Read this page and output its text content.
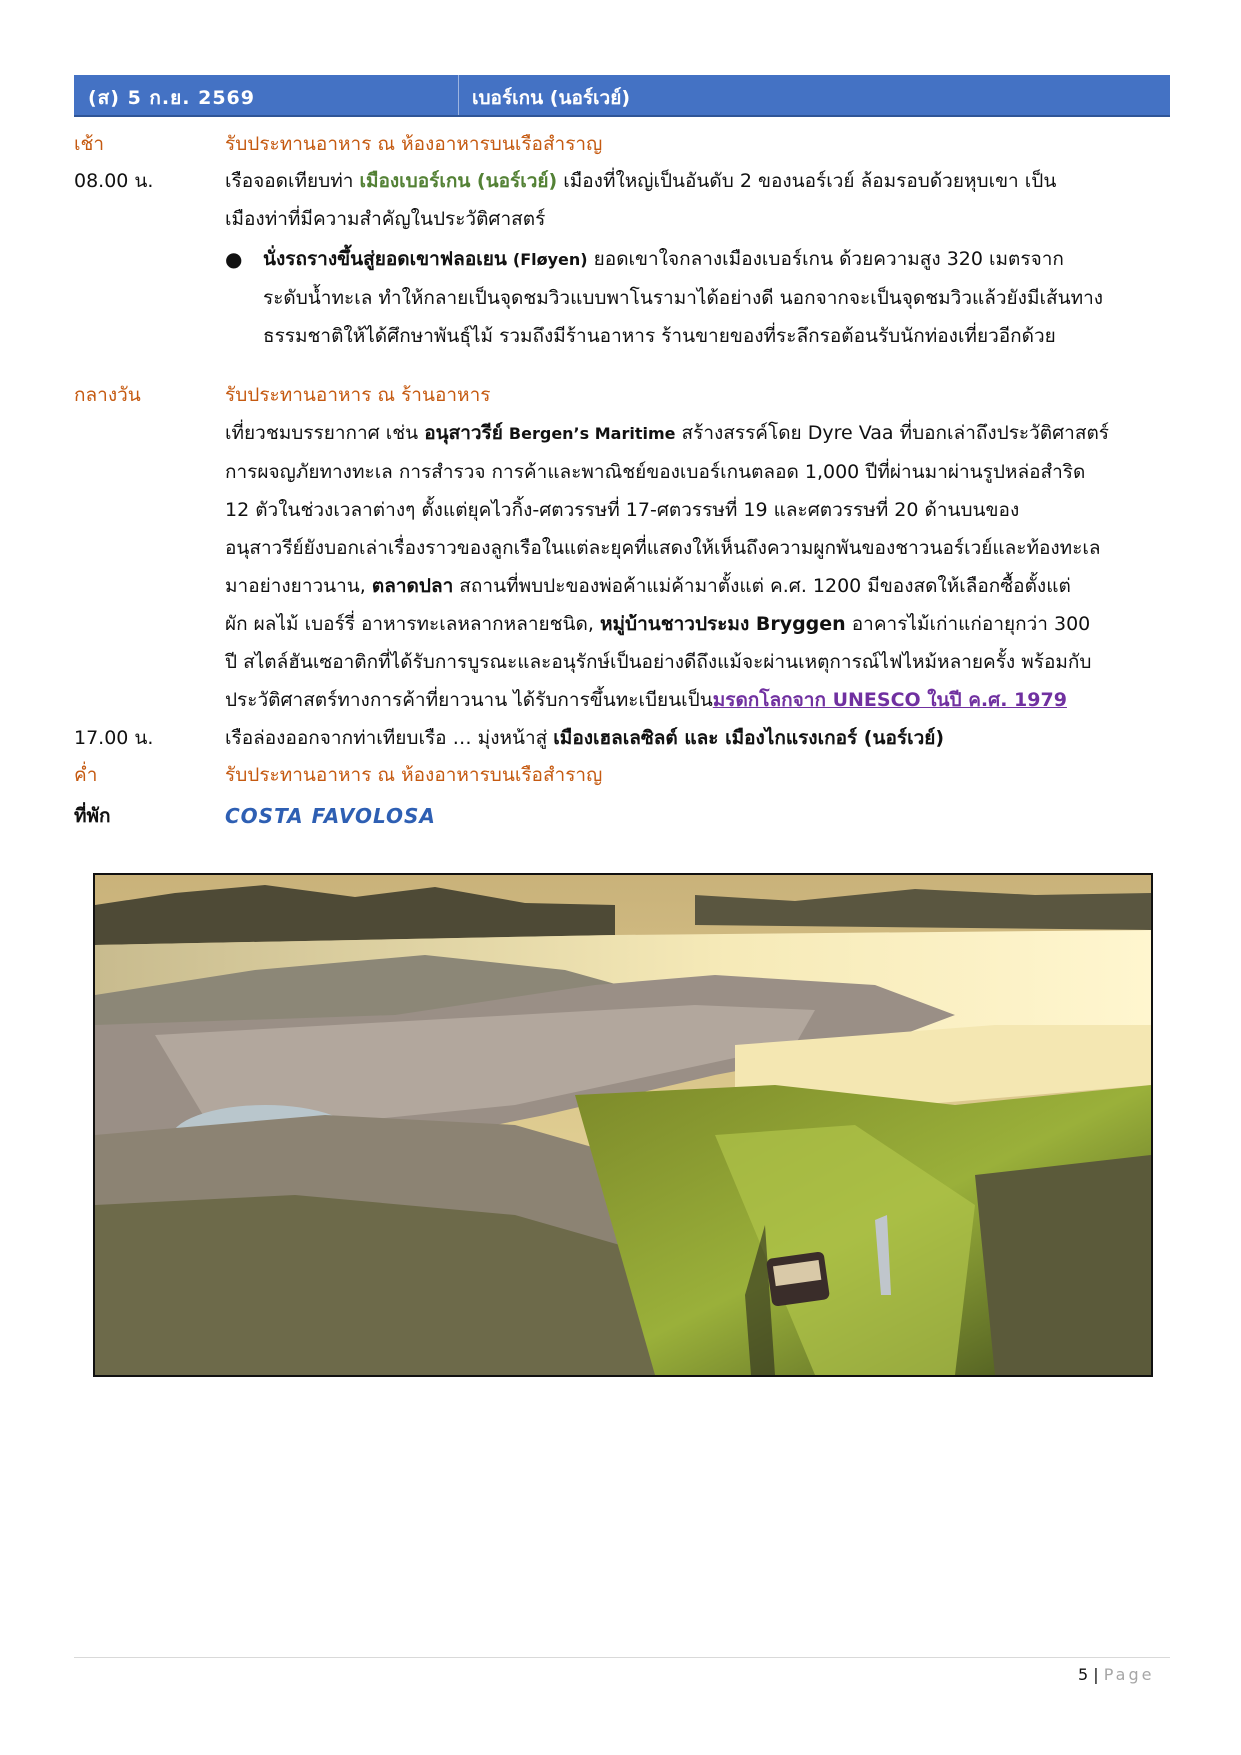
(ส) 5 ก.ย. 2569	เบอร์เกน (นอร์เวย์)
เช้า	รับประทานอาหาร ณ ห้องอาหารบนเรือสำราญ
08.00 น.	เรือจอดเทียบท่า เมืองเบอร์เกน (นอร์เวย์) เมืองที่ใหญ่เป็นอันดับ 2 ของนอร์เวย์ ล้อมรอบด้วยหุบเขา เป็น

เมืองท่าที่มีความสำคัญในประวัติศาสตร์

● นั่งรถรางขึ้นสู่ยอดเขาฟลอเยน (Fløyen) ยอดเขาใจกลางเมืองเบอร์เกน ด้วยความสูง 320 เมตรจาก

ระดับน้ำทะเล ทำให้กลายเป็นจุดชมวิวแบบพาโนรามาได้อย่างดี นอกจากจะเป็นจุดชมวิวแล้วยังมีเส้นทาง

ธรรมชาติให้ได้ศึกษาพันธุ์ไม้ รวมถึงมีร้านอาหาร ร้านขายของที่ระลึกรอต้อนรับนักท่องเที่ยวอีกด้วย

กลางวัน	รับประทานอาหาร ณ ร้านอาหาร

เที่ยวชมบรรยากาศ เช่น อนุสาวรีย์ Bergen’s Maritime สร้างสรรค์โดย Dyre Vaa ที่บอกเล่าถึงประวัติศาสตร์

การผจญภัยทางทะเล การสำรวจ การค้าและพาณิชย์ของเบอร์เกนตลอด 1,000 ปีที่ผ่านมาผ่านรูปหล่อสำริด

12 ตัวในช่วงเวลาต่างๆ ตั้งแต่ยุคไวกิ้ง-ศตวรรษที่ 17-ศตวรรษที่ 19 และศตวรรษที่ 20 ด้านบนของ

อนุสาวรีย์ยังบอกเล่าเรื่องราวของลูกเรือในแต่ละยุคที่แสดงให้เห็นถึงความผูกพันของชาวนอร์เวย์และท้องทะเล

มาอย่างยาวนาน, ตลาดปลา สถานที่พบปะของพ่อค้าแม่ค้ามาตั้งแต่ ค.ศ. 1200 มีของสดให้เลือกซื้อตั้งแต่

ผัก ผลไม้ เบอร์รี่ อาหารทะเลหลากหลายชนิด, หมู่บ้านชาวประมง Bryggen อาคารไม้เก่าแก่อายุกว่า 300

ปี สไตล์ฮันเซอาติกที่ได้รับการบูรณะและอนุรักษ์เป็นอย่างดีถึงแม้จะผ่านเหตุการณ์ไฟไหม้หลายครั้ง พร้อมกับ

ประวัติศาสตร์ทางการค้าที่ยาวนาน ได้รับการขึ้นทะเบียนเป็นมรดกโลกจาก UNESCO ในปี ค.ศ. 1979

17.00 น.	เรือล่องออกจากท่าเทียบเรือ … มุ่งหน้าสู่ เมืองเฮลเลซิลต์ และ เมืองไกแรงเกอร์ (นอร์เวย์)

ค่ำ	รับประทานอาหาร ณ ห้องอาหารบนเรือสำราญ
ที่พัก	COSTA FAVOLOSA
5 | Page
